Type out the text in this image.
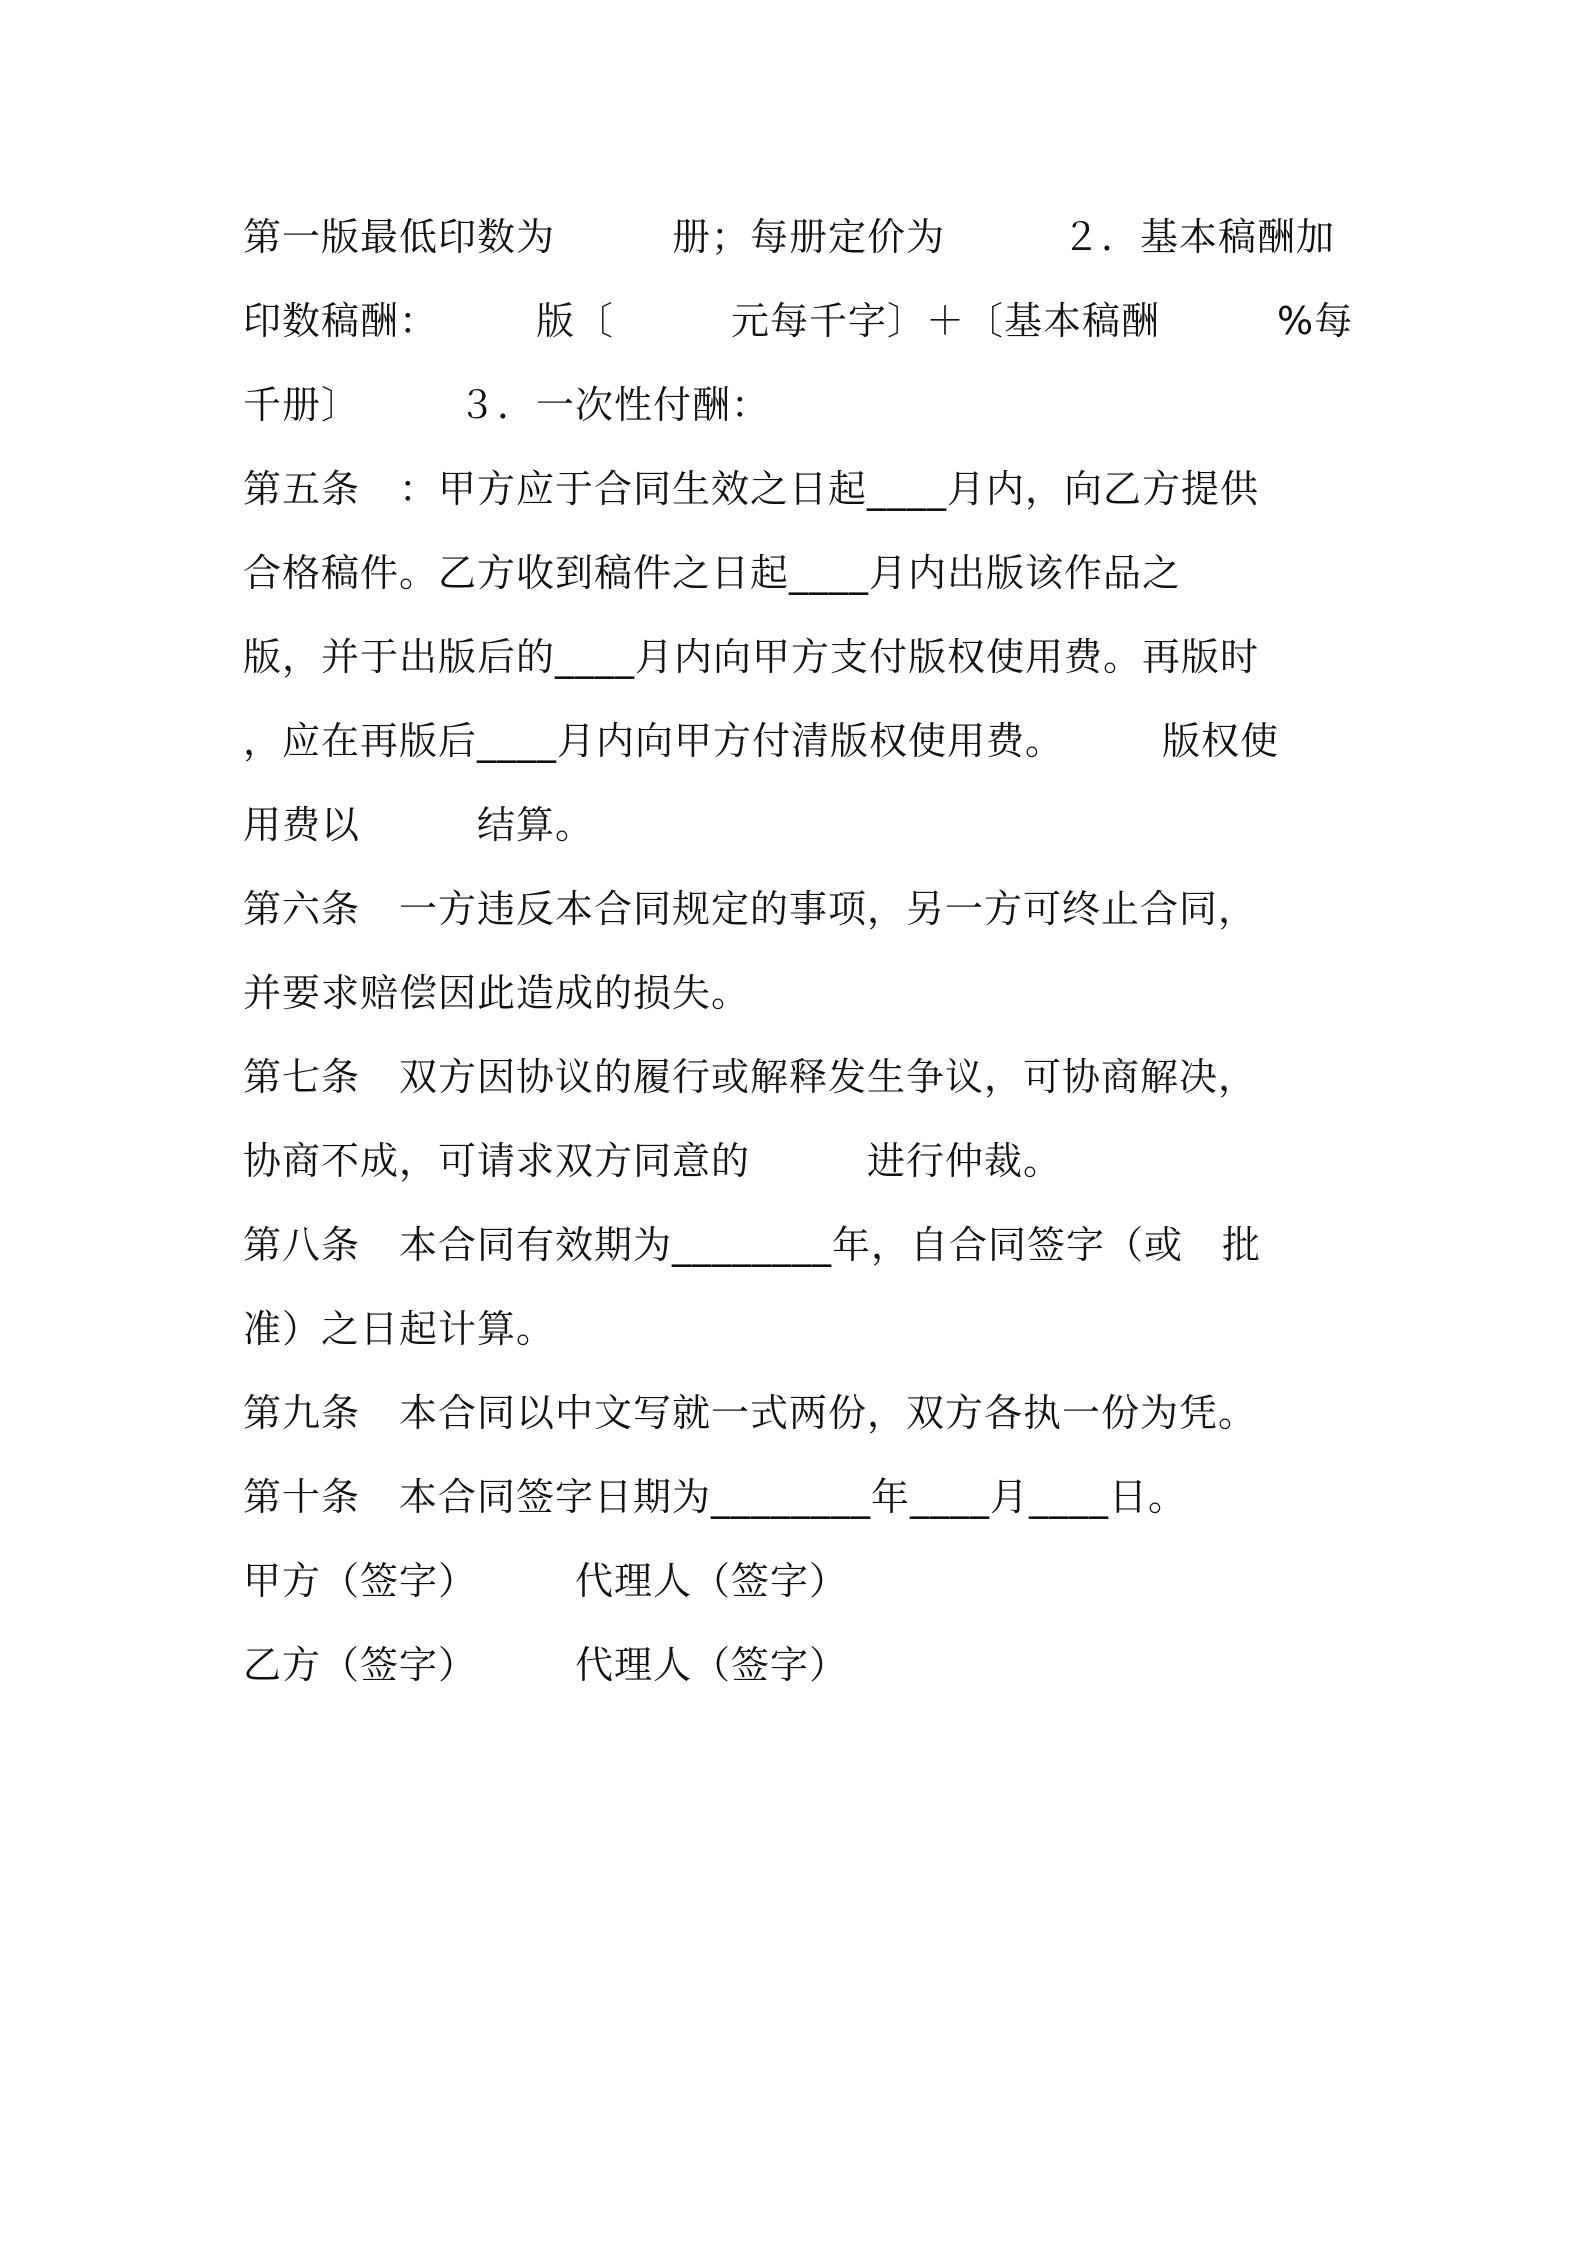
第一版最低印数为　　　册；每册定价为　　　２．基本稿酬加
印数稿酬：　　　版〔　　　元每千字〕＋〔基本稿酬　　　%每
千册〕　　　３．一次性付酬：
第五条　：甲方应于合同生效之日起____月内，向乙方提供
合格稿件。乙方收到稿件之日起____月内出版该作品之
版，并于出版后的____月内向甲方支付版权使用费。再版时
，应在再版后____月内向甲方付清版权使用费。　　　版权使
用费以　　　结算。
第六条　一方违反本合同规定的事项，另一方可终止合同，
并要求赔偿因此造成的损失。
第七条　双方因协议的履行或解释发生争议，可协商解决，
协商不成，可请求双方同意的　　　进行仲裁。
第八条　本合同有效期为________年，自合同签字（或　批
准）之日起计算。
第九条　本合同以中文写就一式两份，双方各执一份为凭。
第十条　本合同签字日期为________年____月____日。
甲方（签字）　　　代理人（签字）
乙方（签字）　　　代理人（签字）
